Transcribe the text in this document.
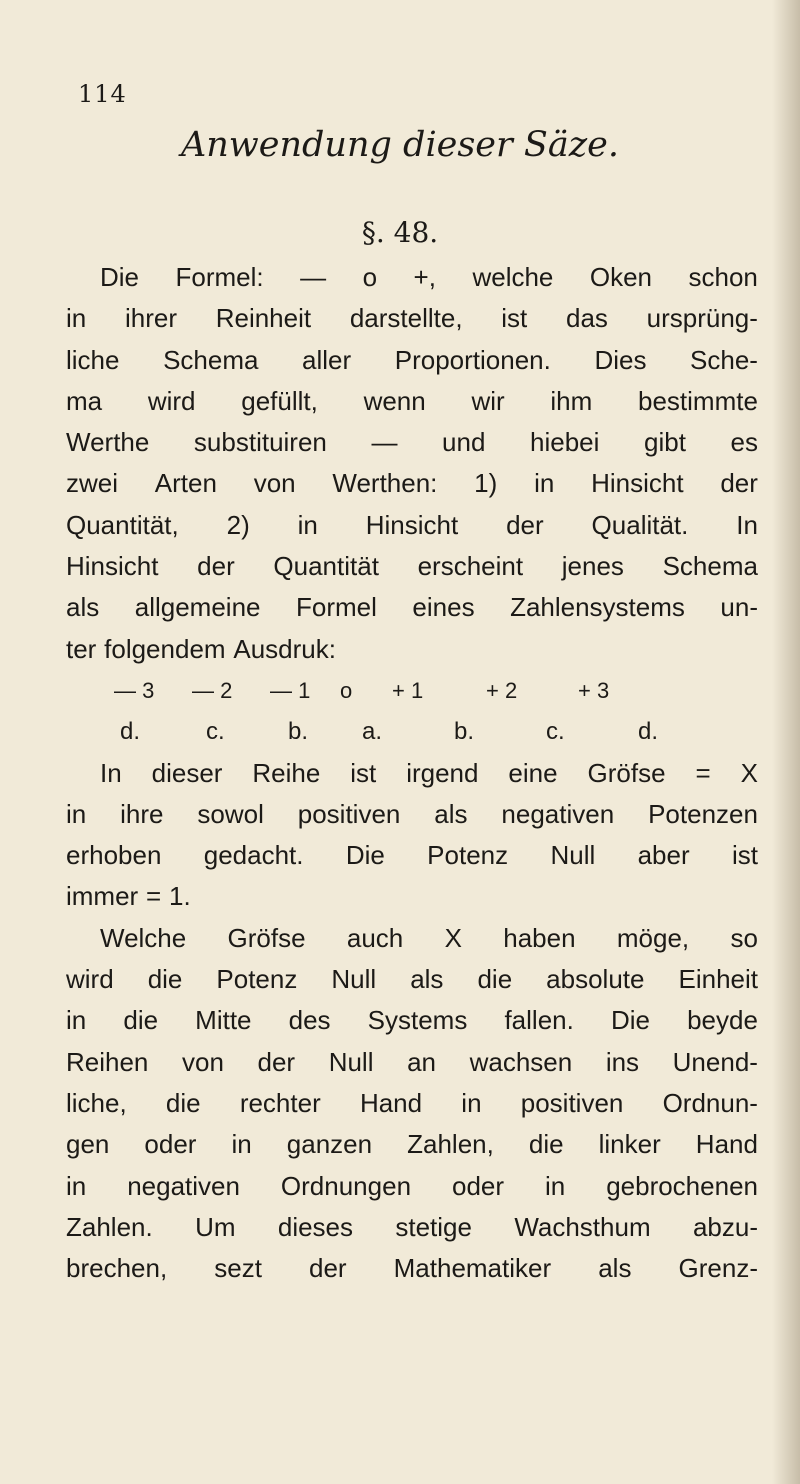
114
Anwendung dieser Säze.
§. 48.
Die Formel: — o +, welche Oken schon
in ihrer Reinheit darstellte, ist das ursprüng-
liche Schema aller Proportionen. Dies Sche-
ma wird gefüllt, wenn wir ihm bestimmte
Werthe substituiren — und hiebei gibt es
zwei Arten von Werthen: 1) in Hinsicht der
Quantität, 2) in Hinsicht der Qualität. In
Hinsicht der Quantität erscheint jenes Schema
als allgemeine Formel eines Zahlensystems un-
ter folgendem Ausdruk:
— 3 — 2 — 1 o + 1	+ 2	+ 3
d.	c.	b. a.	b.	c.	d.
In dieser Reihe ist irgend eine Gröfse = X
in ihre sowol positiven als negativen Potenzen
erhoben gedacht. Die Potenz Null aber ist
immer = 1.
Welche Gröfse auch X haben möge, so
wird die Potenz Null als die absolute Einheit
in die Mitte des Systems fallen. Die beyde
Reihen von der Null an wachsen ins Unend-
liche, die rechter Hand in positiven Ordnun-
gen oder in ganzen Zahlen, die linker Hand
in negativen Ordnungen oder in gebrochenen
Zahlen. Um dieses stetige Wachsthum abzu-
brechen, sezt der Mathematiker als Grenz-
